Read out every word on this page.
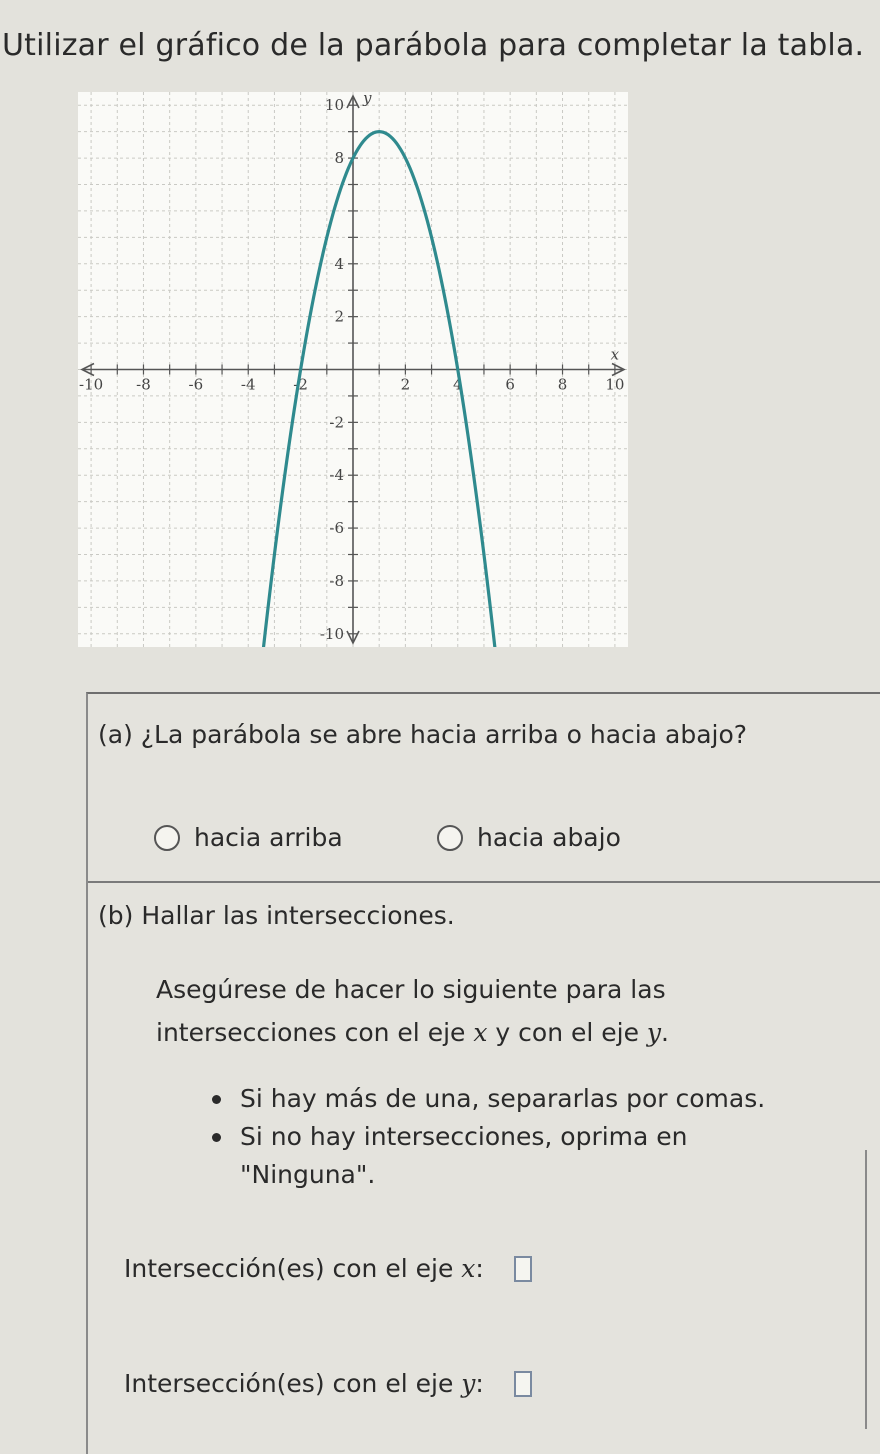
Utilizar el gráfico de la parábola para completar la tabla.
-10 -8	-6	-4	-2	2	4	6	8	10
10
8
4
2
-2
-4
-6
-8
-10
x
y
(a) ¿La parábola se abre hacia arriba o hacia abajo?
hacia arriba	hacia abajo
(b) Hallar las intersecciones.
Asegúrese de hacer lo siguiente para las
intersecciones con el eje x y con el eje y.
Si hay más de una, separarlas por comas.
Si no hay intersecciones, oprima en
"Ninguna".
Intersección(es) con el eje x:
Intersección(es) con el eje y:
